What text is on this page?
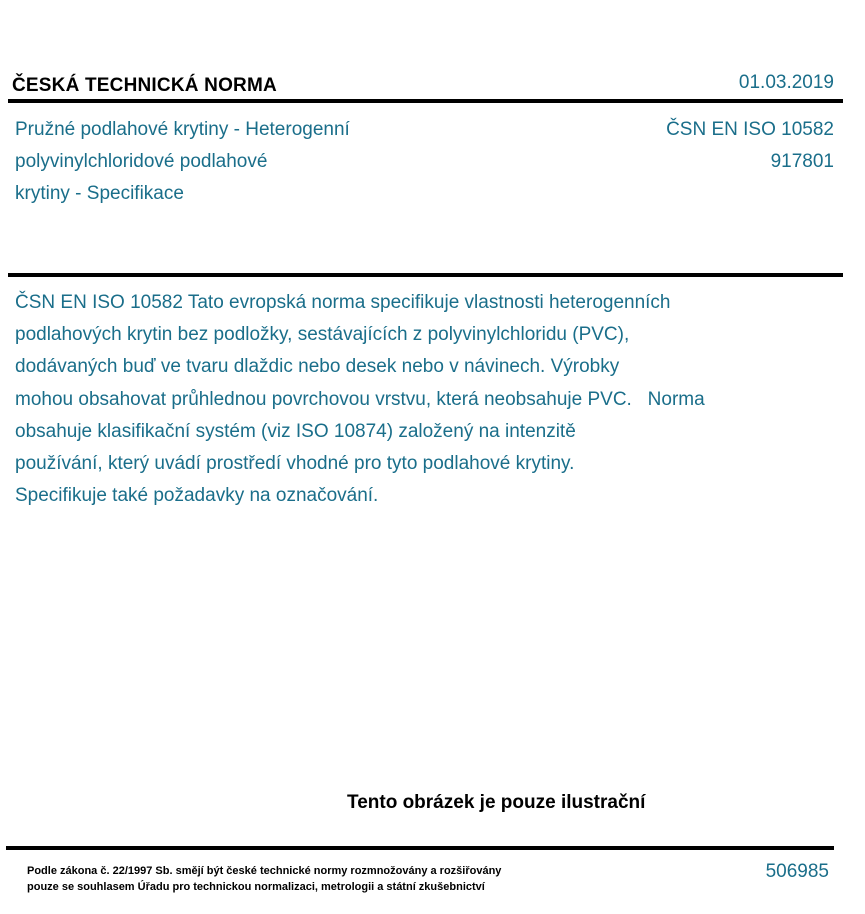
ČESKÁ TECHNICKÁ NORMA	01.03.2019
Pružné podlahové krytiny - Heterogenní
polyvinylchloridové podlahové
krytiny - Specifikace
ČSN EN ISO 10582
917801
ČSN EN ISO 10582 Tato evropská norma specifikuje vlastnosti heterogenních
podlahových krytin bez podložky, sestávajících z polyvinylchloridu (PVC),
dodávaných buď ve tvaru dlaždic nebo desek nebo v návinech. Výrobky
mohou obsahovat průhlednou povrchovou vrstvu, která neobsahuje PVC.   Norma
obsahuje klasifikační systém (viz ISO 10874) založený na intenzitě
používání, který uvádí prostředí vhodné pro tyto podlahové krytiny.
Specifikuje také požadavky na označování.
Tento obrázek je pouze ilustrační
Podle zákona č. 22/1997 Sb. smějí být české technické normy rozmnožovány a rozšiřovány
pouze se souhlasem Úřadu pro technickou normalizaci, metrologii a státní zkušebnictví
506985
